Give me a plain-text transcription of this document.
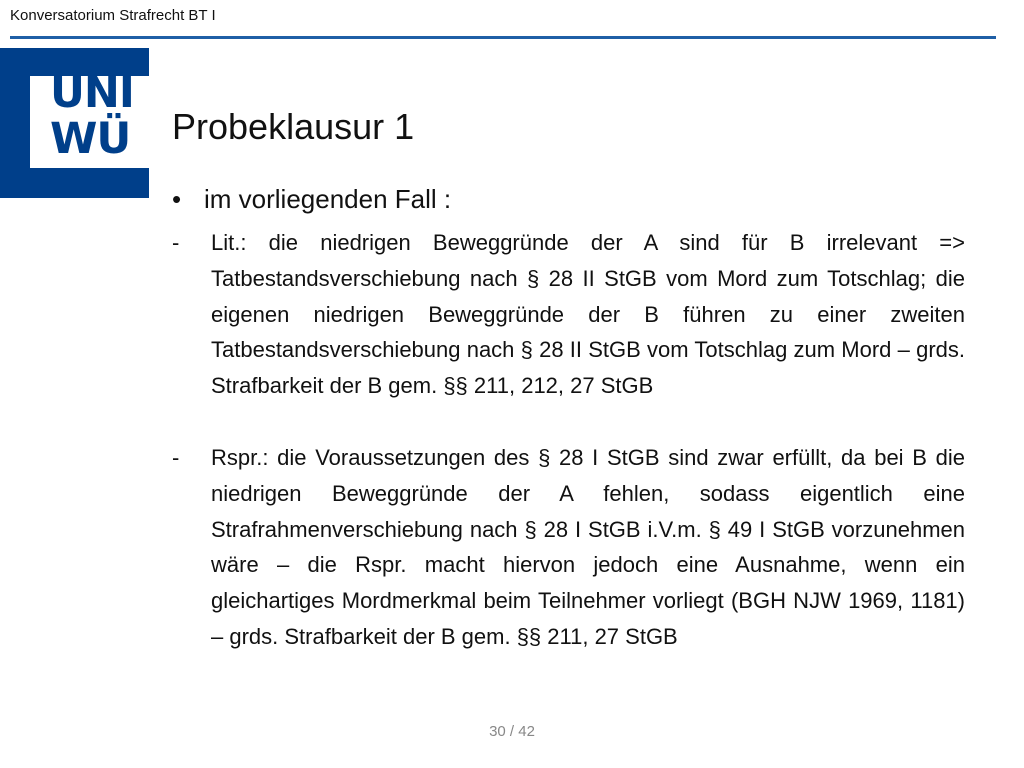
Konversatorium Strafrecht BT I
UNI
WÜ	Probeklausur 1
• im vorliegenden Fall :
- Lit.: die niedrigen Beweggründe der A sind für B irrelevant => Tatbestandsverschiebung nach § 28 II StGB vom Mord zum Totschlag; die eigenen niedrigen Beweggründe der B führen zu einer zweiten Tatbestandsverschiebung nach § 28 II StGB vom Totschlag zum Mord – grds. Strafbarkeit der B gem. §§ 211, 212, 27 StGB
- Rspr.: die Voraussetzungen des § 28 I StGB sind zwar erfüllt, da bei B die niedrigen Beweggründe der A fehlen, sodass eigentlich eine Strafrahmenverschiebung nach § 28 I StGB i.V.m. § 49 I StGB vorzunehmen wäre – die Rspr. macht hiervon jedoch eine Ausnahme, wenn ein gleichartiges Mordmerkmal beim Teilnehmer vorliegt (BGH NJW 1969, 1181) – grds. Strafbarkeit der B gem. §§ 211, 27 StGB
30 / 42
